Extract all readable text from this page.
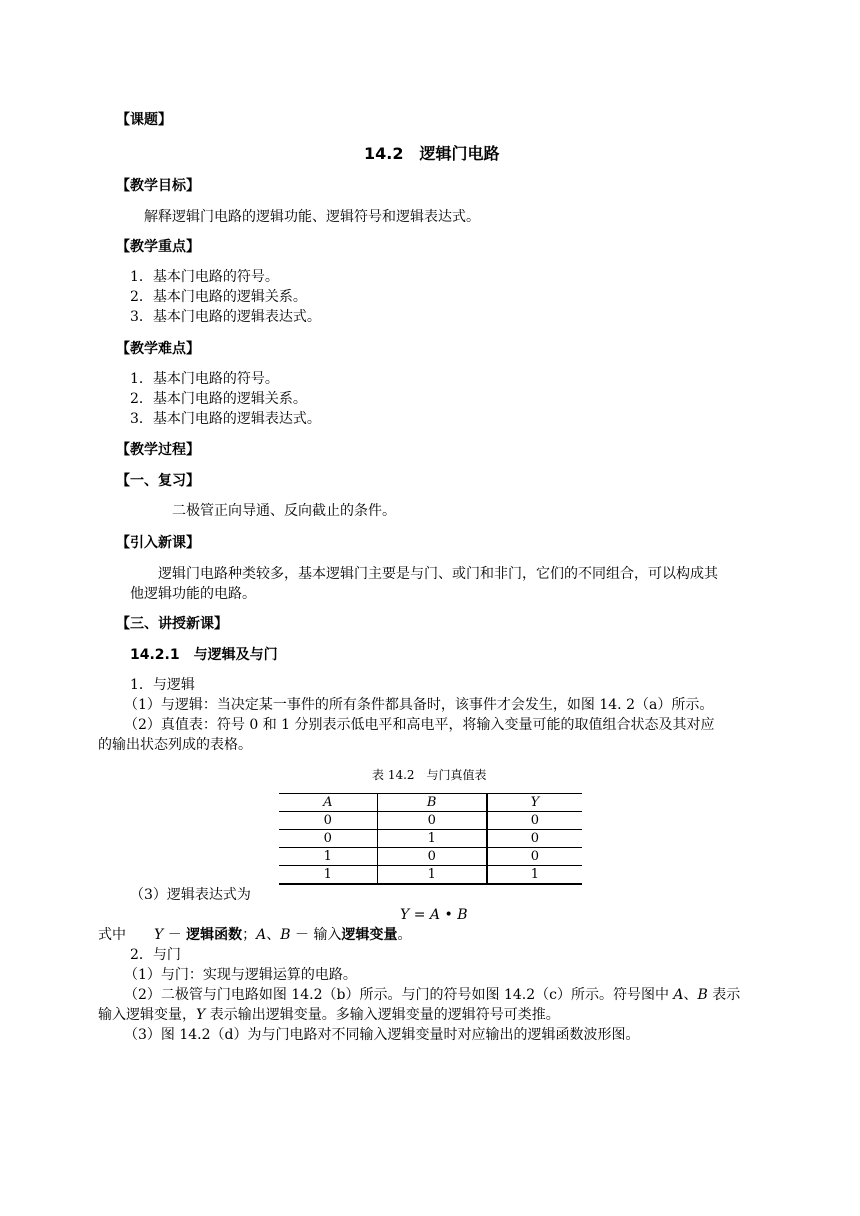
【课题】
14.2　逻辑门电路
【教学目标】
解释逻辑门电路的逻辑功能、逻辑符号和逻辑表达式。
【教学重点】
1．基本门电路的符号。
2．基本门电路的逻辑关系。
3．基本门电路的逻辑表达式。
【教学难点】
1．基本门电路的符号。
2．基本门电路的逻辑关系。
3．基本门电路的逻辑表达式。
【教学过程】
【一、复习】
二极管正向导通、反向截止的条件。
【引入新课】
逻辑门电路种类较多，基本逻辑门主要是与门、或门和非门，它们的不同组合，可以构成其
他逻辑功能的电路。
【三、讲授新课】
14.2.1　与逻辑及与门
1．与逻辑
（1）与逻辑：当决定某一事件的所有条件都具备时，该事件才会发生，如图 14. 2（a）所示。
（2）真值表：符号 0 和 1 分别表示低电平和高电平，将输入变量可能的取值组合状态及其对应
的输出状态列成的表格。
表 14.2　与门真值表
A	B	Y
0	0	0
0	1	0
1	0	0
1	1	1
（3）逻辑表达式为
Y = A • B
式中　　Y － 逻辑函数；A、B － 输入逻辑变量。
2．与门
（1）与门：实现与逻辑运算的电路。
（2）二极管与门电路如图 14.2（b）所示。与门的符号如图 14.2（c）所示。符号图中 A、B 表示
输入逻辑变量，Y 表示输出逻辑变量。多输入逻辑变量的逻辑符号可类推。
（3）图 14.2（d）为与门电路对不同输入逻辑变量时对应输出的逻辑函数波形图。
